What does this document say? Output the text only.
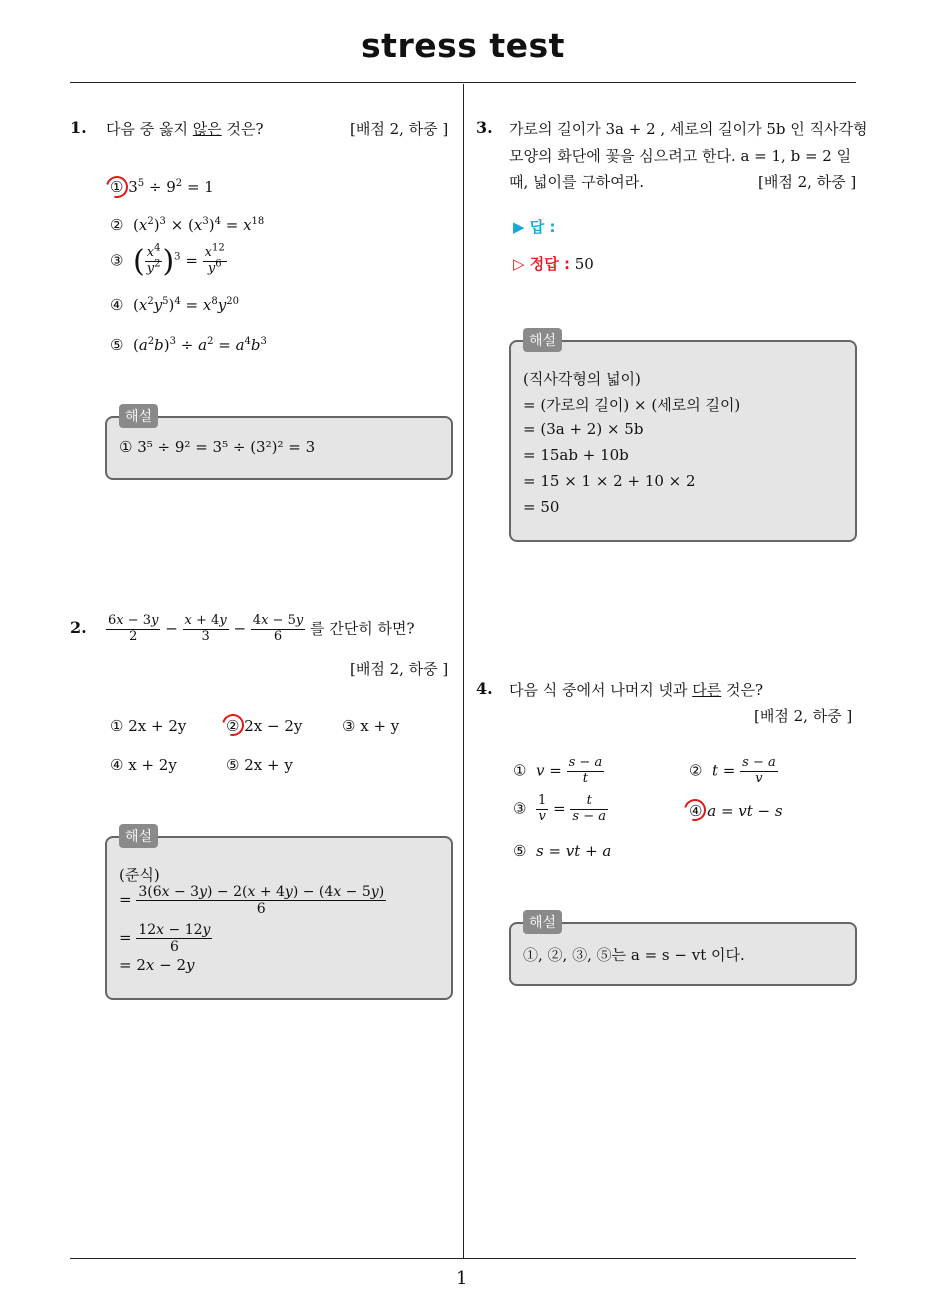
stress test
1
1. 다음 중 옳지 않은 것은?	[배점 2, 하중 ]
① $3^5 \div 9^2 = 1$
②  $(x^2)^3 \times (x^3)^4 = x^{18}$
③ ( $\frac{x^4}{y^2} )^3 = \frac{x^{12}}{y^6}$
④  $(x^2y^5)^4 = x^8y^{20}$
⑤  $(a^2b)^3 \div a^2 = a^4b^3$
① 3⁵ ÷ 9² = 3⁵ ÷ (3²)² = 3
해설
2. $\frac{6x - 3y}{2} - \frac{x + 4y}{3} - \frac{4x - 5y}{6}$ 를 간단히 하면?
[배점 2, 하중 ]
① 2x + 2y	② 2x − 2y	③ x + y
④ x + 2y	⑤ 2x + y
(준식)
= $\frac{3(6x - 3y) - 2(x + 4y) - (4x - 5y)}{6}$
= $\frac{12x - 12y}{6}$
= 2x − 2y
해설
3. 가로의 길이가 3a + 2 , 세로의 길이가 5b 인 직사각형
모양의 화단에 꽃을 심으려고 한다. a = 1, b = 2 일
때, 넓이를 구하여라.	[배점 2, 하중 ]
▶ 답 :
▷ 정답 : 50
(직사각형의 넓이)
= (가로의 길이) × (세로의 길이)
= (3a + 2) × 5b
= 15ab + 10b
= 15 × 1 × 2 + 10 × 2
= 50
해설
4. 다음 식 중에서 나머지 넷과 다른 것은?
[배점 2, 하중 ]
① $v = \frac{s - a}{t}$	② $t = \frac{s - a}{v}$
③ $\frac{1}{v} = \frac{t}{s - a}$	④ a = vt − s
⑤ s = vt + a
①, ②, ③, ⑤는 a = s − vt 이다.
해설
